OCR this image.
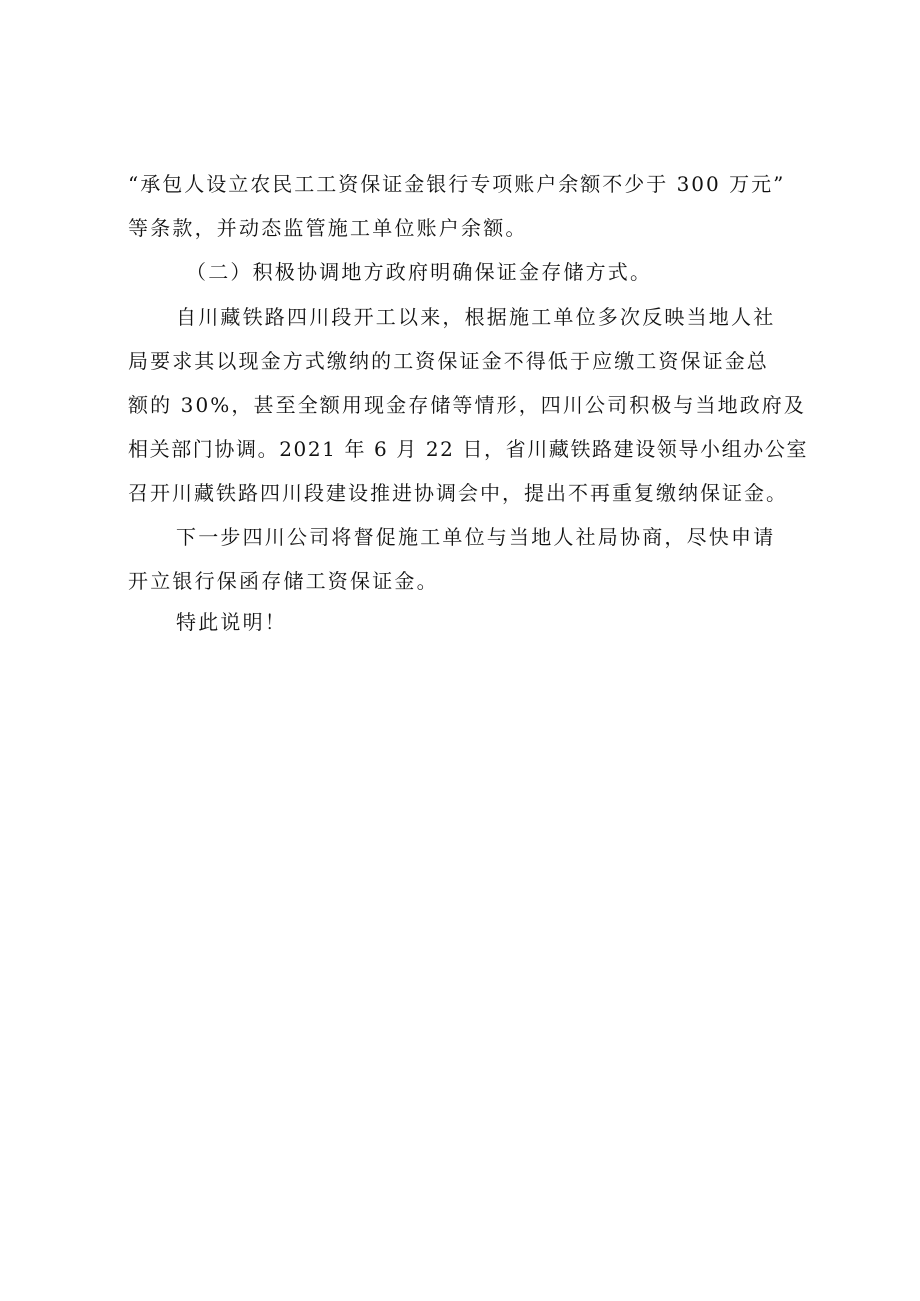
“承包人设立农民工工资保证金银行专项账户余额不少于 300 万元”
等条款，并动态监管施工单位账户余额。
（二）积极协调地方政府明确保证金存储方式。
自川藏铁路四川段开工以来，根据施工单位多次反映当地人社
局要求其以现金方式缴纳的工资保证金不得低于应缴工资保证金总
额的 30%，甚至全额用现金存储等情形，四川公司积极与当地政府及
相关部门协调。2021 年 6 月 22 日，省川藏铁路建设领导小组办公室
召开川藏铁路四川段建设推进协调会中，提出不再重复缴纳保证金。
下一步四川公司将督促施工单位与当地人社局协商，尽快申请
开立银行保函存储工资保证金。
特此说明！
